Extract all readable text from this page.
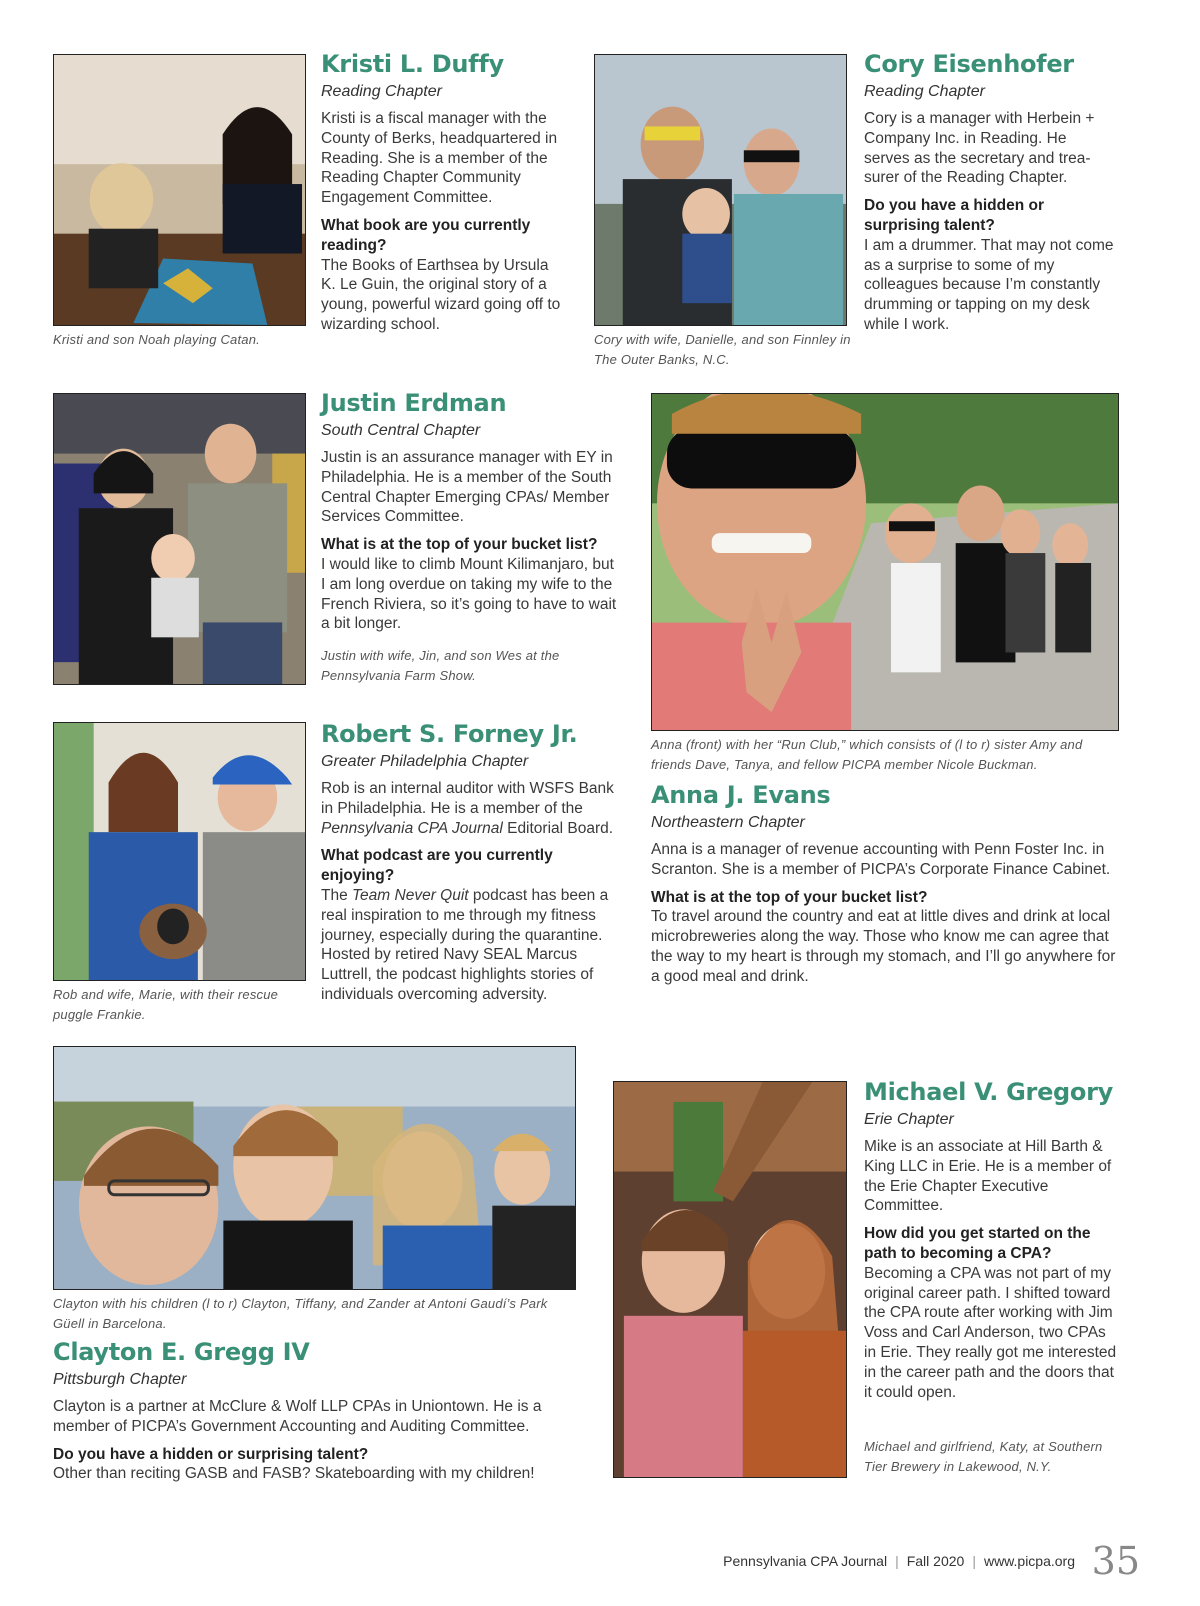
Kristi and son Noah playing Catan.
Kristi L. Duffy
Reading Chapter

Kristi is a fiscal manager with the County of Berks, headquartered in Reading. She is a member of the Reading Chapter Community Engagement Committee.

What book are you currently reading?

The Books of Earthsea by Ursula K. Le Guin, the original story of a young, powerful wizard going off to wizarding school.

Cory with wife, Danielle, and son Finnley in The Outer Banks, N.C.
Cory Eisenhofer
Reading Chapter

Cory is a manager with Herbein + Company Inc. in Reading. He serves as the secretary and trea-surer of the Reading Chapter.

Do you have a hidden or surprising talent?

I am a drummer. That may not come as a surprise to some of my colleagues because I’m constantly drumming or tapping on my desk while I work.

Justin with wife, Jin, and son Wes at the Pennsylvania Farm Show.
Justin Erdman
South Central Chapter

Justin is an assurance manager with EY in Philadelphia. He is a member of the South Central Chapter Emerging CPAs/ Member Services Committee.

What is at the top of your bucket list?

I would like to climb Mount Kilimanjaro, but I am long overdue on taking my wife to the French Riviera, so it’s going to have to wait a bit longer.

Anna (front) with her “Run Club,” which consists of (l to r) sister Amy and friends Dave, Tanya, and fellow PICPA member Nicole Buckman.
Anna J. Evans
Northeastern Chapter

Anna is a manager of revenue accounting with Penn Foster Inc. in Scranton. She is a member of PICPA’s Corporate Finance Cabinet.

What is at the top of your bucket list?

To travel around the country and eat at little dives and drink at local microbreweries along the way. Those who know me can agree that the way to my heart is through my stomach, and I’ll go anywhere for a good meal and drink.

Rob and wife, Marie, with their rescue puggle Frankie.
Robert S. Forney Jr.
Greater Philadelphia Chapter

Rob is an internal auditor with WSFS Bank in Philadelphia. He is a member of the Pennsylvania CPA Journal Editorial Board.

What podcast are you currently enjoying?

The Team Never Quit podcast has been a real inspiration to me through my fitness journey, especially during the quarantine. Hosted by retired Navy SEAL Marcus Luttrell, the podcast highlights stories of individuals overcoming adversity.

Clayton with his children (l to r) Clayton, Tiffany, and Zander at Antoni Gaudí’s Park Güell in Barcelona.
Clayton E. Gregg IV
Pittsburgh Chapter

Clayton is a partner at McClure & Wolf LLP CPAs in Uniontown. He is a member of PICPA’s Government Accounting and Auditing Committee.

Do you have a hidden or surprising talent?

Other than reciting GASB and FASB? Skateboarding with my children!

Michael and girlfriend, Katy, at Southern Tier Brewery in Lakewood, N.Y.
Michael V. Gregory
Erie Chapter

Mike is an associate at Hill Barth & King LLC in Erie. He is a member of the Erie Chapter Executive Committee.

How did you get started on the path to becoming a CPA?

Becoming a CPA was not part of my original career path. I shifted toward the CPA route after working with Jim Voss and Carl Anderson, two CPAs in Erie. They really got me interested in the career path and the doors that it could open.

Pennsylvania CPA Journal | Fall 2020 | www.picpa.org 35
